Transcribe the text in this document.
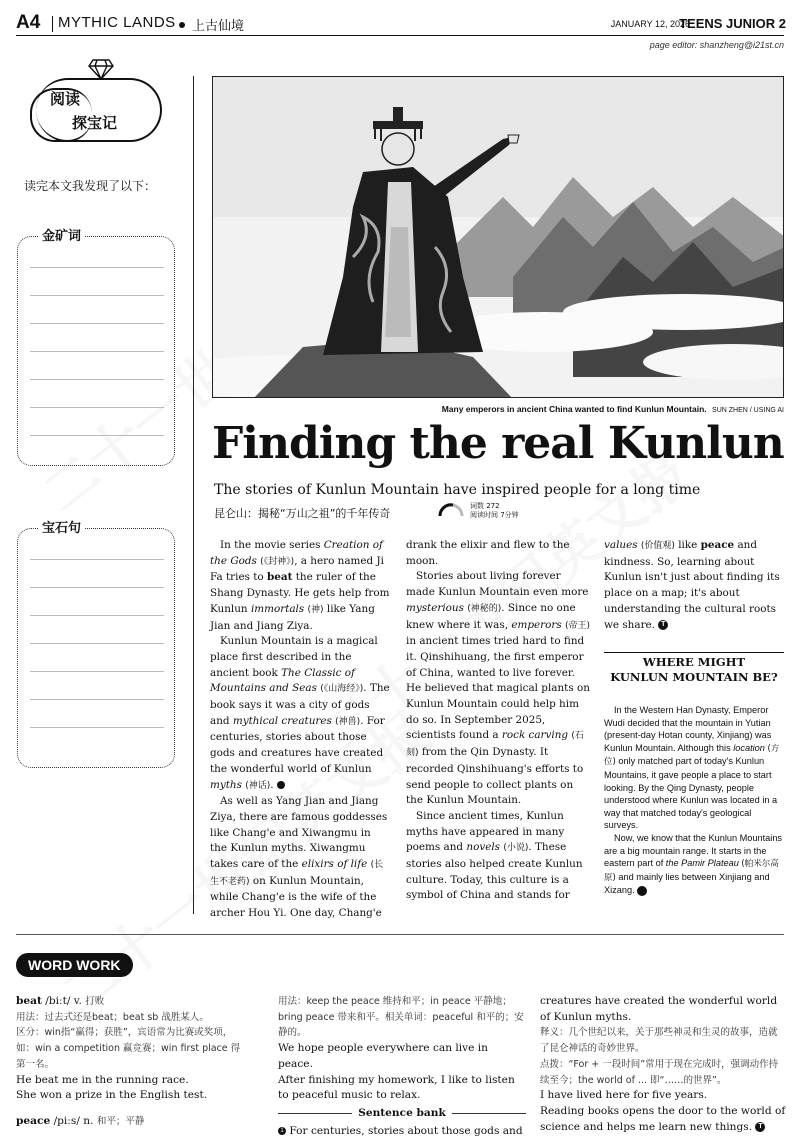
A4 MYTHIC LANDS 上古仙境	JANUARY 12, 2026
TEENS JUNIOR 2
page editor: shanzheng@i21st.cn
阅读
探宝记
读完本文我发现了以下：
金矿词
宝石句
Many emperors in ancient China wanted to find Kunlun Mountain. SUN ZHEN / USING AI
Finding the real Kunlun
The stories of Kunlun Mountain have inspired people for a long time
昆仑山：揭秘“万山之祖”的千年传奇
词数 272
阅读时间 7分钟

In the movie series Creation of the Gods (《封神》), a hero named Ji Fa tries to beat the ruler of the Shang Dynasty. He gets help from Kunlun immortals (神) like Yang Jian and Jiang Ziya.

Kunlun Mountain is a magical place first described in the ancient book The Classic of Mountains and Seas (《山海经》). The book says it was a city of gods and mythical creatures (神兽). For centuries, stories about those gods and creatures have created the wonderful world of Kunlun myths (神话). 1

As well as Yang Jian and Jiang Ziya, there are famous goddesses like Chang'e and Xiwangmu in the Kunlun myths. Xiwangmu takes care of the elixirs of life (长生不老药) on Kunlun Mountain, while Chang'e is the wife of the archer Hou Yi. One day, Chang'e

drank the elixir and flew to the moon.

Stories about living forever made Kunlun Mountain even more mysterious (神秘的). Since no one knew where it was, emperors (帝王) in ancient times tried hard to find it. Qinshihuang, the first emperor of China, wanted to live forever. He believed that magical plants on Kunlun Mountain could help him do so. In September 2025, scientists found a rock carving (石刻) from the Qin Dynasty. It recorded Qinshihuang's efforts to send people to collect plants on the Kunlun Mountain.

Since ancient times, Kunlun myths have appeared in many poems and novels (小说). These stories also helped create Kunlun culture. Today, this culture is a symbol of China and stands for

values (价值观) like peace and kindness. So, learning about Kunlun isn't just about finding its place on a map; it's about understanding the cultural roots we share. T

WHERE MIGHT
KUNLUN MOUNTAIN BE?

In the Western Han Dynasty, Emperor Wudi decided that the mountain in Yutian (present-day Hotan county, Xinjiang) was Kunlun Mountain. Although this location (方位) only matched part of today's Kunlun Mountains, it gave people a place to start looking. By the Qing Dynasty, people understood where Kunlun was located in a way that matched today's geological surveys.

Now, we know that the Kunlun Mountains are a big mountain range. It starts in the eastern part of the Pamir Plateau (帕米尔高原) and mainly lies between Xinjiang and Xizang. T

WORD WORK
beat /biːt/ v. 打败
用法：过去式还是beat；beat sb 战胜某人。
区分：win指“赢得；获胜”，宾语常为比赛或奖项，如：win a competition 赢竞赛；win first place 得第一名。
He beat me in the running race.
She won a prize in the English test.
peace /piːs/ n. 和平；平静
用法：keep the peace 维持和平；in peace 平静地；bring peace 带来和平。相关单词：peaceful 和平的；安静的。
We hope people everywhere can live in peace.
After finishing my homework, I like to listen to peaceful music to relax.
Sentence bank
1 For centuries, stories about those gods and
creatures have created the wonderful world of Kunlun myths.
释义：几个世纪以来，关于那些神灵和生灵的故事，造就了昆仑神话的奇妙世界。
点拨：“For + 一段时间”常用于现在完成时，强调动作持续至今；the world of ... 即“……的世界”。
I have lived here for five years.
Reading books opens the door to the world of science and helps me learn new things. T
